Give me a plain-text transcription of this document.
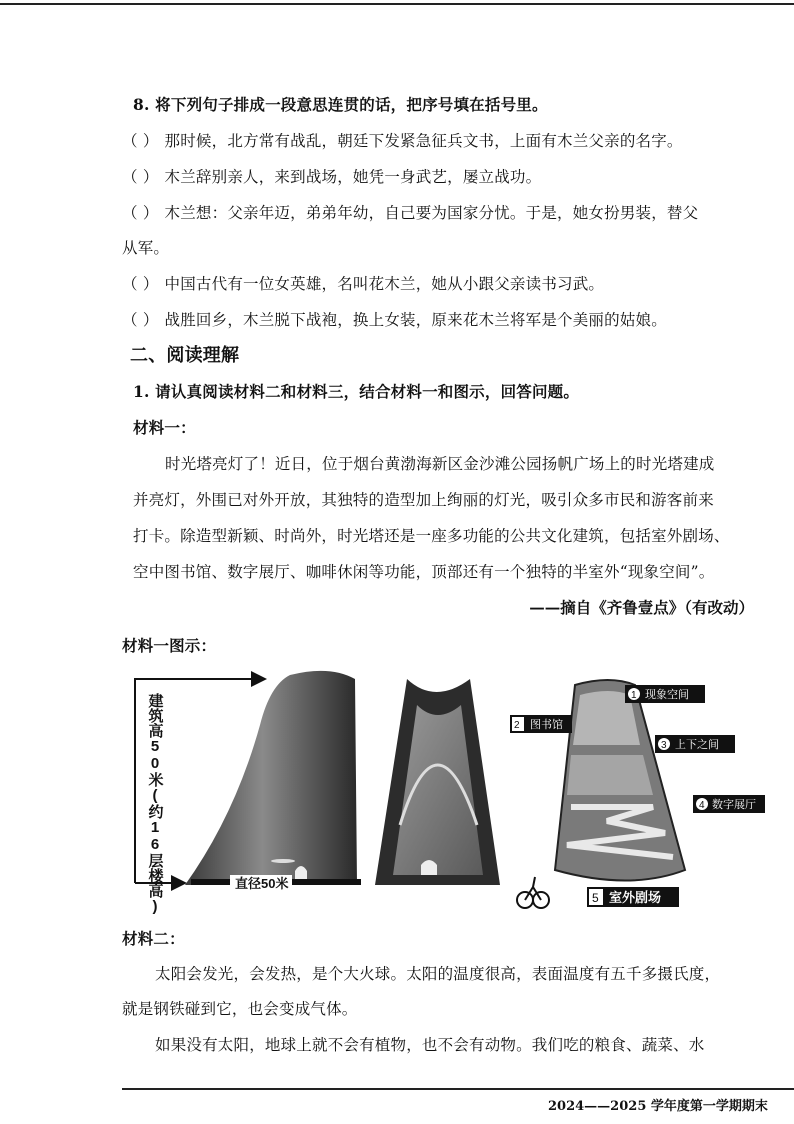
8. 将下列句子排成一段意思连贯的话，把序号填在括号里。
（ ） 那时候，北方常有战乱，朝廷下发紧急征兵文书，上面有木兰父亲的名字。
（ ） 木兰辞别亲人，来到战场，她凭一身武艺，屡立战功。
（ ） 木兰想：父亲年迈，弟弟年幼，自己要为国家分忧。于是，她女扮男装，替父
从军。
（ ） 中国古代有一位女英雄，名叫花木兰，她从小跟父亲读书习武。
（ ） 战胜回乡，木兰脱下战袍，换上女装，原来花木兰将军是个美丽的姑娘。
二、阅读理解
1. 请认真阅读材料二和材料三，结合材料一和图示，回答问题。
材料一：
时光塔亮灯了！近日，位于烟台黄渤海新区金沙滩公园扬帆广场上的时光塔建成
并亮灯，外围已对外开放，其独特的造型加上绚丽的灯光，吸引众多市民和游客前来
打卡。除造型新颖、时尚外，时光塔还是一座多功能的公共文化建筑，包括室外剧场、
空中图书馆、数字展厅、咖啡休闲等功能，顶部还有一个独特的半室外“现象空间”。
——摘自《齐鲁壹点》（有改动）
材料一图示：
建筑高50米(约16层楼高)	直径50米
1 现象空间
2 图书馆
3 上下之间
4 数字展厅
5 室外剧场
材料二：
太阳会发光，会发热，是个大火球。太阳的温度很高，表面温度有五千多摄氏度，
就是钢铁碰到它，也会变成气体。
如果没有太阳，地球上就不会有植物，也不会有动物。我们吃的粮食、蔬菜、水
2024——2025 学年度第一学期期末
